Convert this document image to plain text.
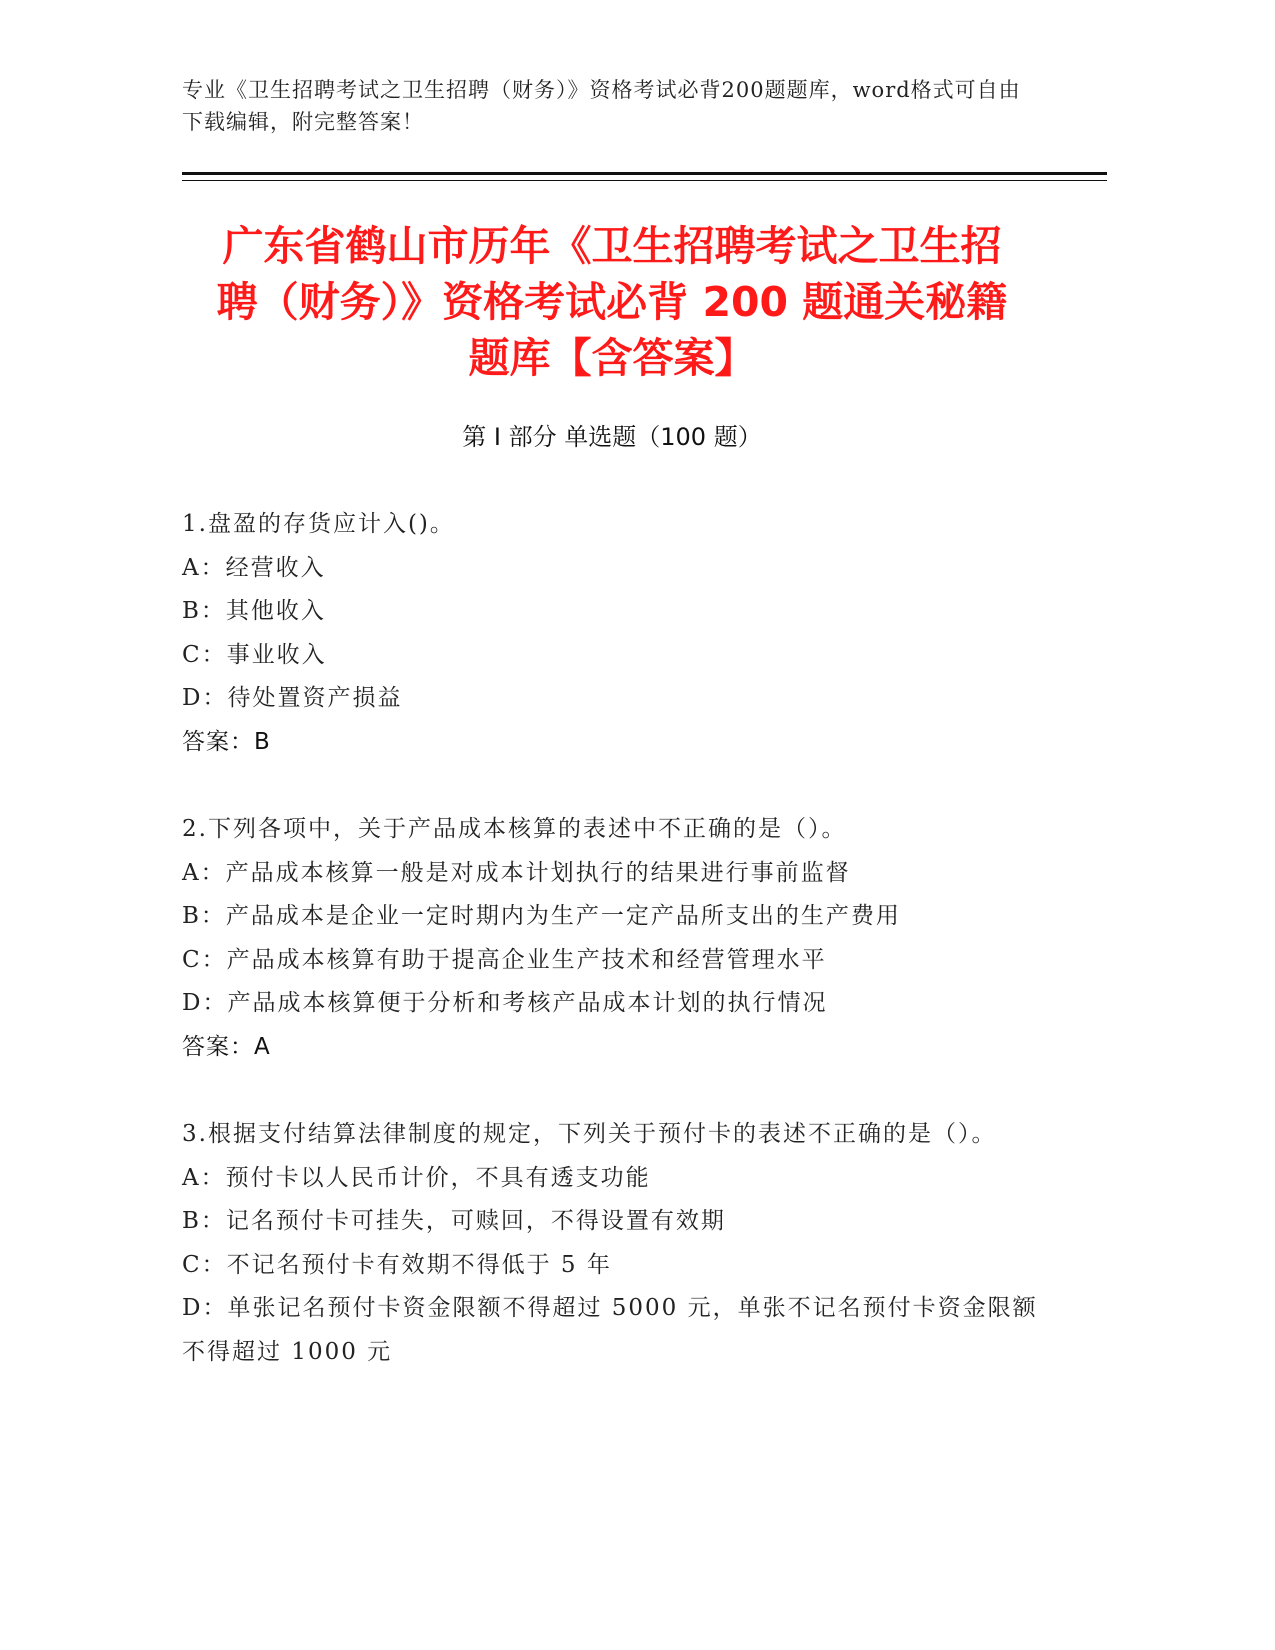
专业《卫生招聘考试之卫生招聘（财务）》资格考试必背200题题库，word格式可自由下载编辑，附完整答案！
广东省鹤山市历年《卫生招聘考试之卫生招
聘（财务）》资格考试必背 200 题通关秘籍
题库【含答案】
第 I 部分 单选题（100 题）
1.盘盈的存货应计入()。
A：经营收入
B：其他收入
C：事业收入
D：待处置资产损益
答案：B
2.下列各项中，关于产品成本核算的表述中不正确的是（）。
A：产品成本核算一般是对成本计划执行的结果进行事前监督
B：产品成本是企业一定时期内为生产一定产品所支出的生产费用
C：产品成本核算有助于提高企业生产技术和经营管理水平
D：产品成本核算便于分析和考核产品成本计划的执行情况
答案：A
3.根据支付结算法律制度的规定，下列关于预付卡的表述不正确的是（）。
A：预付卡以人民币计价，不具有透支功能
B：记名预付卡可挂失，可赎回，不得设置有效期
C：不记名预付卡有效期不得低于 5 年
D：单张记名预付卡资金限额不得超过 5000 元，单张不记名预付卡资金限额不得超过 1000 元
